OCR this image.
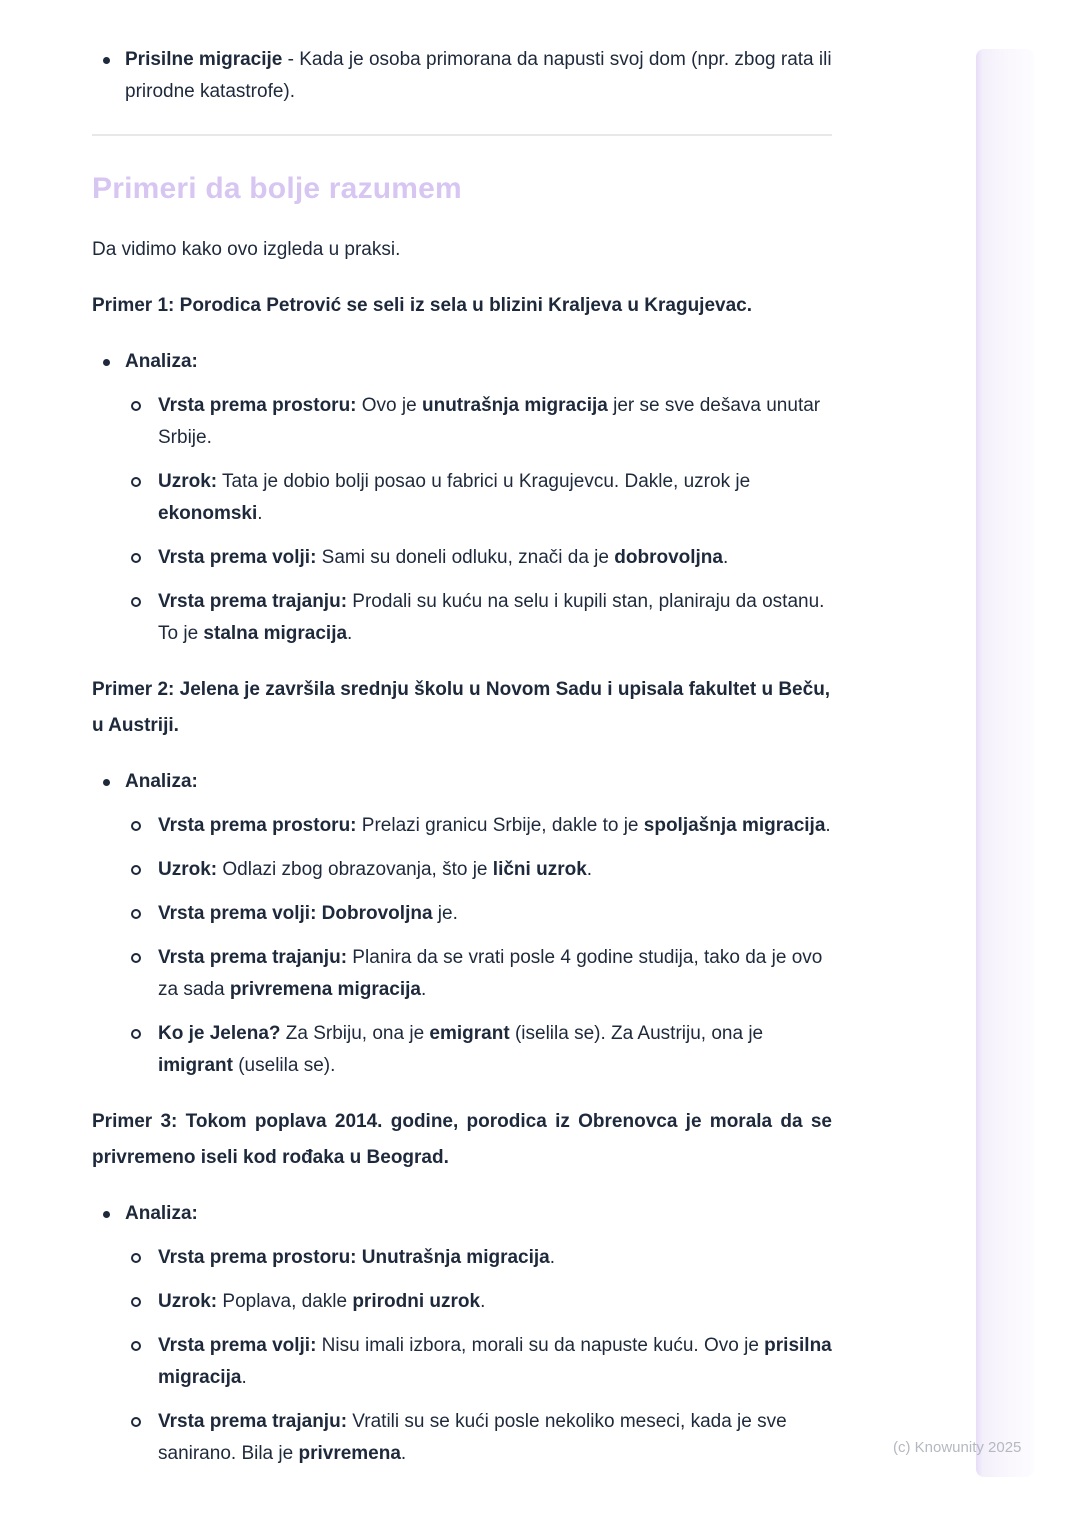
Prisilne migracije - Kada je osoba primorana da napusti svoj dom (npr. zbog rata ili prirodne katastrofe).
Primeri da bolje razumem

Da vidimo kako ovo izgleda u praksi.

Primer 1: Porodica Petrović se seli iz sela u blizini Kraljeva u Kragujevac.

Analiza:
Vrsta prema prostoru: Ovo je unutrašnja migracija jer se sve dešava unutar Srbije.
Uzrok: Tata je dobio bolji posao u fabrici u Kragujevcu. Dakle, uzrok je ekonomski.
Vrsta prema volji: Sami su doneli odluku, znači da je dobrovoljna.
Vrsta prema trajanju: Prodali su kuću na selu i kupili stan, planiraju da ostanu. To je stalna migracija.

Primer 2: Jelena je završila srednju školu u Novom Sadu i upisala fakultet u Beču, u Austriji.

Analiza:
Vrsta prema prostoru: Prelazi granicu Srbije, dakle to je spoljašnja migracija.
Uzrok: Odlazi zbog obrazovanja, što je lični uzrok.
Vrsta prema volji: Dobrovoljna je.
Vrsta prema trajanju: Planira da se vrati posle 4 godine studija, tako da je ovo za sada privremena migracija.
Ko je Jelena? Za Srbiju, ona je emigrant (iselila se). Za Austriju, ona je imigrant (uselila se).

Primer 3: Tokom poplava 2014. godine, porodica iz Obrenovca je morala da se privremeno iseli kod rođaka u Beograd.

Analiza:
Vrsta prema prostoru: Unutrašnja migracija.
Uzrok: Poplava, dakle prirodni uzrok.
Vrsta prema volji: Nisu imali izbora, morali su da napuste kuću. Ovo je prisilna migracija.
Vrsta prema trajanju: Vratili su se kući posle nekoliko meseci, kada je sve sanirano. Bila je privremena.	(c) Knowunity 2025
